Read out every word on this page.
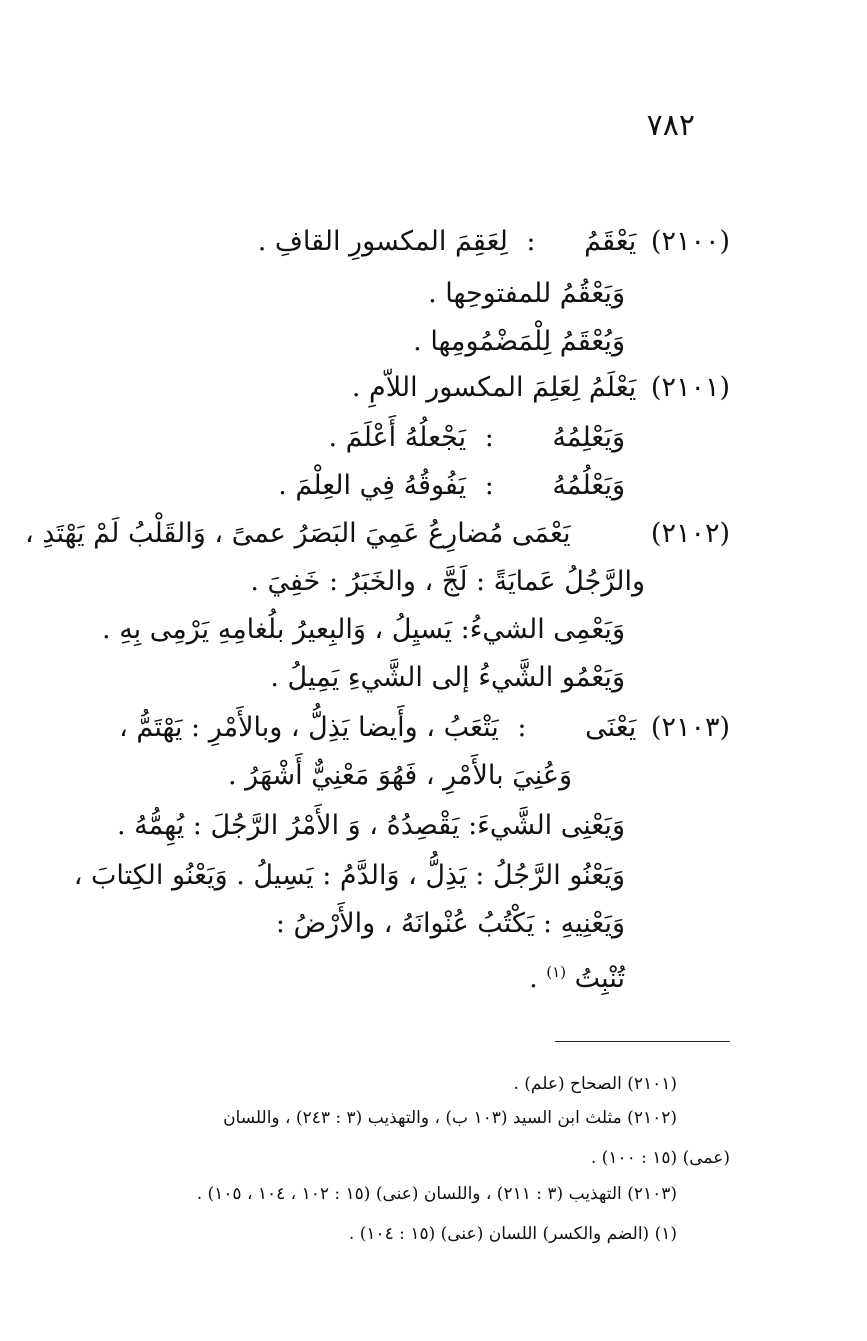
٧٨٢
(٢١٠٠) يَعْقَمُ : لِعَقِمَ المكسورِ القافِ .
وَيَعْقُمُ للمفتوحِها .
وَيُعْقَمُ لِلْمَضْمُومِها .
(٢١٠١) يَعْلَمُ لِعَلِمَ المكسور اللاّمِ .
وَيَعْلِمُهُ : يَجْعلُهُ أَعْلَمَ .
وَيَعْلُمُهُ : يَفُوقُهُ فِي العِلْمَ .
(٢١٠٢) يَعْمَى مُضارِعُ عَمِيَ البَصَرُ عمىً ، وَالقَلْبُ لَمْ يَهْتَدِ ،
والرَّجُلُ عَمايَةً : لَجَّ ، والخَبَرُ : خَفِيَ .
وَيَعْمِى الشيءُ: يَسيِلُ ، وَالبِعيرُ بلُغامِهِ يَرْمِى بِهِ .
وَيَعْمُو الشَّيءُ إلى الشَّيءِ يَمِيلُ .
(٢١٠٣) يَعْنَى : يَتْعَبُ ، وأَيضا يَذِلُّ ، وبالأَمْرِ : يَهْتَمُّ ،
وَعُنِيَ بالأَمْرِ ، فَهُوَ مَعْنِيٌّ أَشْهَرُ .
وَيَعْنِى الشَّيءَ: يَقْصِدُهُ ، وَ الأَمْرُ الرَّجُلَ : يُهِمُّهُ .
وَيَعْنُو الرَّجُلُ : يَذِلُّ ، وَالدَّمُ : يَسِيلُ . وَيَعْنُو الكِتابَ ،
وَيَعْنِيهِ : يَكْتُبُ عُنْوانَهُ ، والأَرْضُ :
تُنْبِتُ $^{(١)}$ .
(٢١٠١) الصحاح (علم) .
(٢١٠٢) مثلث ابن السيد (١٠٣ ب) ، والتهذيب (٣ : ٢٤٣) ، واللسان
(عمى) (١٥ : ١٠٠) .
(٢١٠٣) التهذيب (٣ : ٢١١) ، واللسان (عنى) (١٥ : ١٠٢ ، ١٠٤ ، ١٠٥) .
(١) (الضم والكسر) اللسان (عنى) (١٥ : ١٠٤) .
